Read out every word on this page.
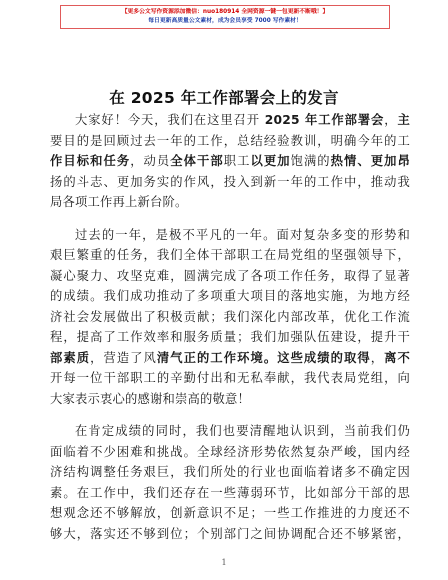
【更多公文写作资源添加微信：nuo180914 全网资源一键一包更新不断哦！】
每日更新高质量公文素材，成为会员享受 7000 写作素材！
在 2025 年工作部署会上的发言
大家好！今天，我们在这里召开 2025 年工作部署会，主
要目的是回顾过去一年的工作，总结经验教训，明确今年的工
作目标和任务，动员全体干部职工以更加饱满的热情、更加昂
扬的斗志、更加务实的作风，投入到新一年的工作中，推动我
局各项工作再上新台阶。
过去的一年，是极不平凡的一年。面对复杂多变的形势和
艰巨繁重的任务，我们全体干部职工在局党组的坚强领导下，
凝心聚力、攻坚克难，圆满完成了各项工作任务，取得了显著
的成绩。我们成功推动了多项重大项目的落地实施，为地方经
济社会发展做出了积极贡献；我们深化内部改革，优化工作流
程，提高了工作效率和服务质量；我们加强队伍建设，提升干
部素质，营造了风清气正的工作环境。这些成绩的取得，离不
开每一位干部职工的辛勤付出和无私奉献，我代表局党组，向
大家表示衷心的感谢和崇高的敬意！
在肯定成绩的同时，我们也要清醒地认识到，当前我们仍
面临着不少困难和挑战。全球经济形势依然复杂严峻，国内经
济结构调整任务艰巨，我们所处的行业也面临着诸多不确定因
素。在工作中，我们还存在一些薄弱环节，比如部分干部的思
想观念还不够解放，创新意识不足；一些工作推进的力度还不
够大，落实还不够到位；个别部门之间协调配合还不够紧密，
1
